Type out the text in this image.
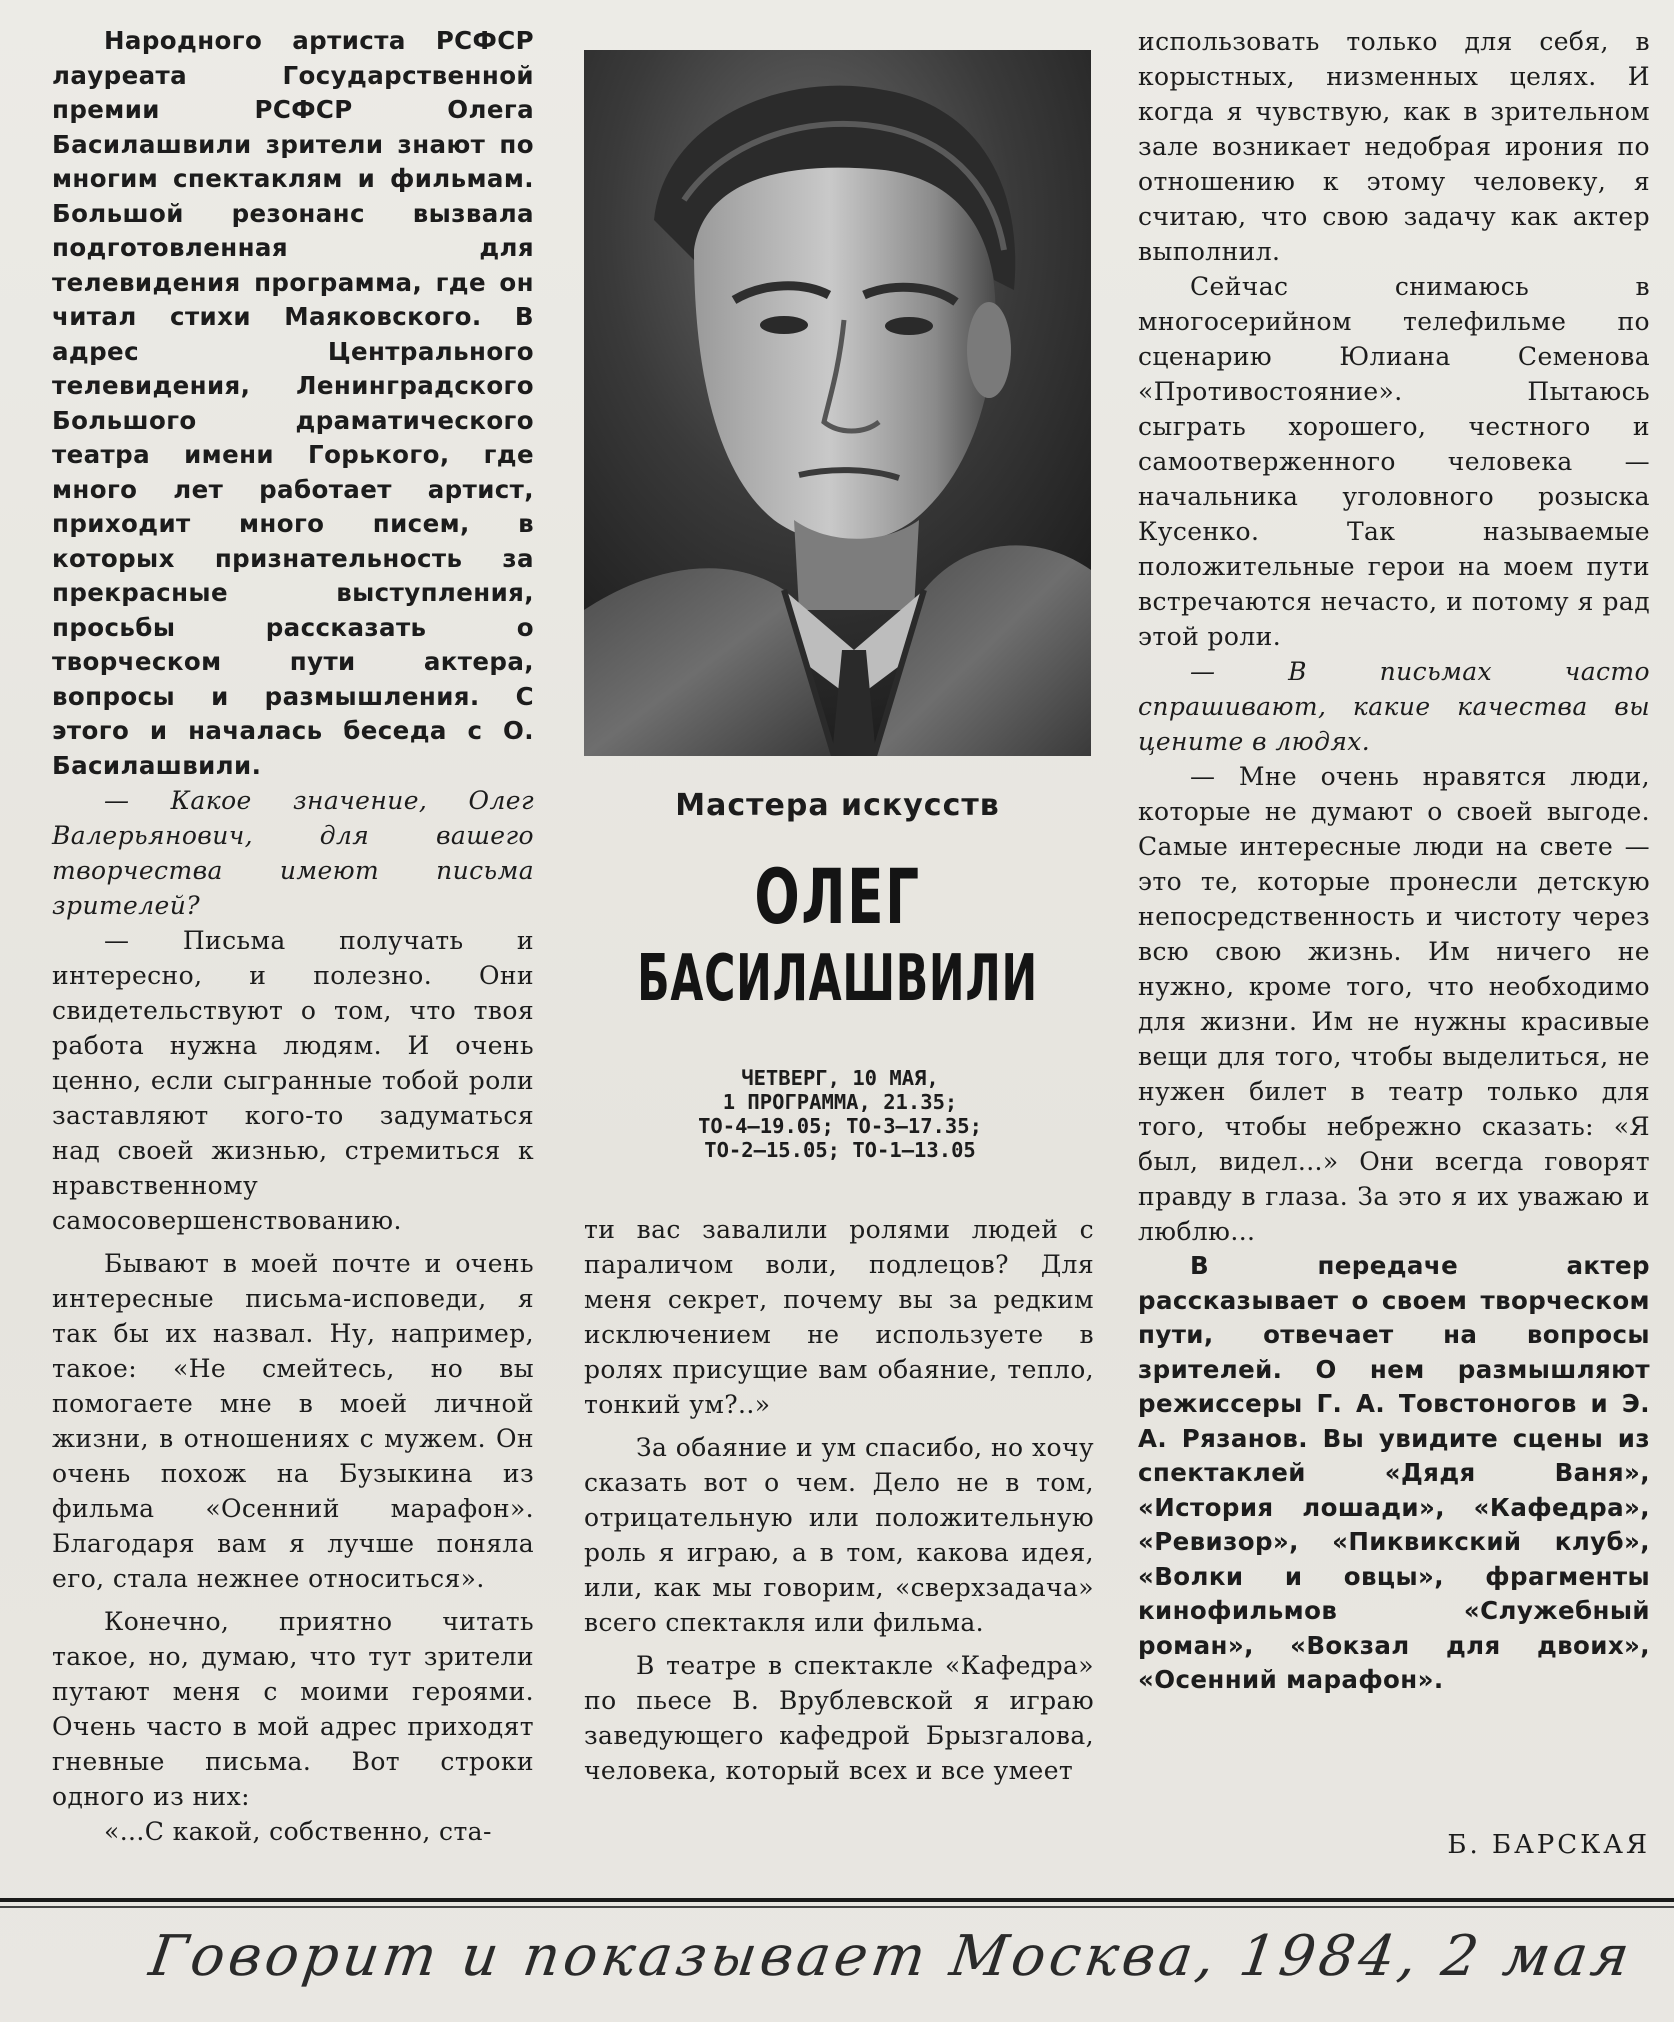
Народного артиста РСФСР лауреата Государственной премии РСФСР Олега Басилашвили зрители знают по многим спектаклям и фильмам. Большой резонанс вызвала подготовленная для телевидения программа, где он читал стихи Маяковского. В адрес Центрального телевидения, Ленинградского Большого драматического театра имени Горького, где много лет работает артист, приходит много писем, в которых признательность за прекрасные выступления, просьбы рассказать о творческом пути актера, вопросы и размышления. С этого и началась беседа с О. Басилашвили.

— Какое значение, Олег Валерьянович, для вашего творчества имеют письма зрителей?

— Письма получать и интересно, и полезно. Они свидетельствуют о том, что твоя работа нужна людям. И очень ценно, если сыгранные тобой роли заставляют кого-то задуматься над своей жизнью, стремиться к нравственному самосовершенствованию.

Бывают в моей почте и очень интересные письма-исповеди, я так бы их назвал. Ну, например, такое: «Не смейтесь, но вы помогаете мне в моей личной жизни, в отношениях с мужем. Он очень похож на Бузыкина из фильма «Осенний марафон». Благодаря вам я лучше поняла его, стала нежнее относиться».

Конечно, приятно читать такое, но, думаю, что тут зрители путают меня с моими героями. Очень часто в мой адрес приходят гневные письма. Вот строки одного из них:

«...С какой, собственно, ста-

Мастера искусств
ОЛЕГ
БАСИЛАШВИЛИ
ЧЕТВЕРГ, 10 МАЯ,
1 ПРОГРАММА, 21.35;
ТО-4—19.05; ТО-3—17.35;
ТО-2—15.05; ТО-1—13.05

ти вас завалили ролями людей с параличом воли, подлецов? Для меня секрет, почему вы за редким исключением не используете в ролях присущие вам обаяние, тепло, тонкий ум?..»

За обаяние и ум спасибо, но хочу сказать вот о чем. Дело не в том, отрицательную или положительную роль я играю, а в том, какова идея, или, как мы говорим, «сверхзадача» всего спектакля или фильма.

В театре в спектакле «Кафедра» по пьесе В. Врублевской я играю заведующего кафедрой Брызгалова, человека, который всех и все умеет

использовать только для себя, в корыстных, низменных целях. И когда я чувствую, как в зрительном зале возникает недобрая ирония по отношению к этому человеку, я считаю, что свою задачу как актер выполнил.

Сейчас снимаюсь в многосерийном телефильме по сценарию Юлиана Семенова «Противостояние». Пытаюсь сыграть хорошего, честного и самоотверженного человека — начальника уголовного розыска Кусенко. Так называемые положительные герои на моем пути встречаются нечасто, и потому я рад этой роли.

— В письмах часто спрашивают, какие качества вы цените в людях.

— Мне очень нравятся люди, которые не думают о своей выгоде. Самые интересные люди на свете — это те, которые пронесли детскую непосредственность и чистоту через всю свою жизнь. Им ничего не нужно, кроме того, что необходимо для жизни. Им не нужны красивые вещи для того, чтобы выделиться, не нужен билет в театр только для того, чтобы небрежно сказать: «Я был, видел...» Они всегда говорят правду в глаза. За это я их уважаю и люблю...

В передаче актер рассказывает о своем творческом пути, отвечает на вопросы зрителей. О нем размышляют режиссеры Г. А. Товстоногов и Э. А. Рязанов. Вы увидите сцены из спектаклей «Дядя Ваня», «История лошади», «Кафедра», «Ревизор», «Пиквикский клуб», «Волки и овцы», фрагменты кинофильмов «Служебный роман», «Вокзал для двоих», «Осенний марафон».

Б. БАРСКАЯ
Говорит и показывает Москва, 1984, 2 мая
